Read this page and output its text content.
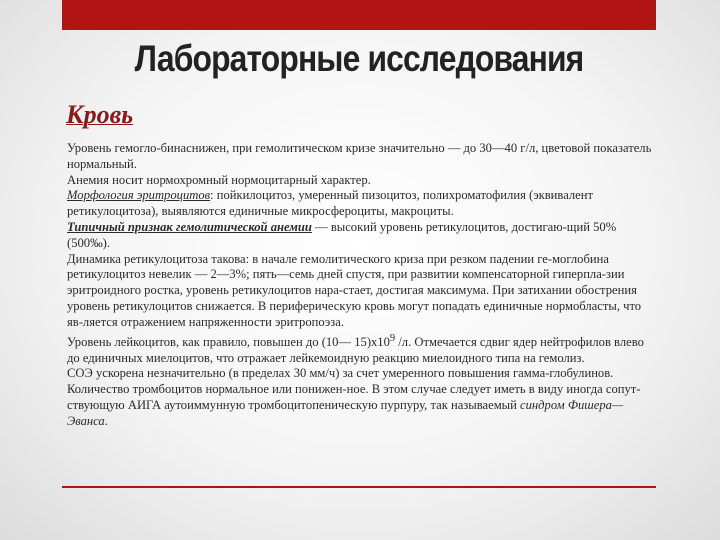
Лабораторные исследования
Кровь

Уровень гемогло-бинаснижен, при гемолитическом кризе значительно — до 30—40 г/л, цветовой показатель нормальный.

Анемия носит нормохромный нормоцитарный характер.

Морфология эритроцитов: пойкилоцитоз, умеренный пизоцитоз, полихроматофилия (эквивалент ретикулоцитоза), выявляются единичные микросфероциты, макроциты.

Типичный признак гемолитической анемии — высокий уровень ретикулоцитов, достигаю-щий 50% (500‰).

Динамика ретикулоцитоза такова: в начале гемолитического криза при резком падении ге-моглобина ретикулоцитоз невелик — 2—3%; пять—семь дней спустя, при развитии компенсаторной гиперпла-зии эритроидного ростка, уровень ретикулоцитов нара-стает, достигая максимума. При затихании обострения уровень ретикулоцитов снижается. В периферическую кровь могут попадать единичные нормобласты, что яв-ляется отражением напряженности эритропоэза.

Уровень лейкоцитов, как правило, повышен до (10— $15)х10^9$ /л. Отмечается сдвиг ядер нейтрофилов влево до единичных миелоцитов, что отражает лейкемоидную реакцию миелоидного типа на гемолиз.

СОЭ ускорена незначительно (в пределах 30 мм/ч) за счет умеренного повышения гамма-глобулинов.

Количество тромбоцитов нормальное или понижен-ное. В этом случае следует иметь в виду иногда сопут-ствующую АИГА аутоиммунную тромбоцитопеническую пурпуру, так называемый синдром Фишера—Эванса.
